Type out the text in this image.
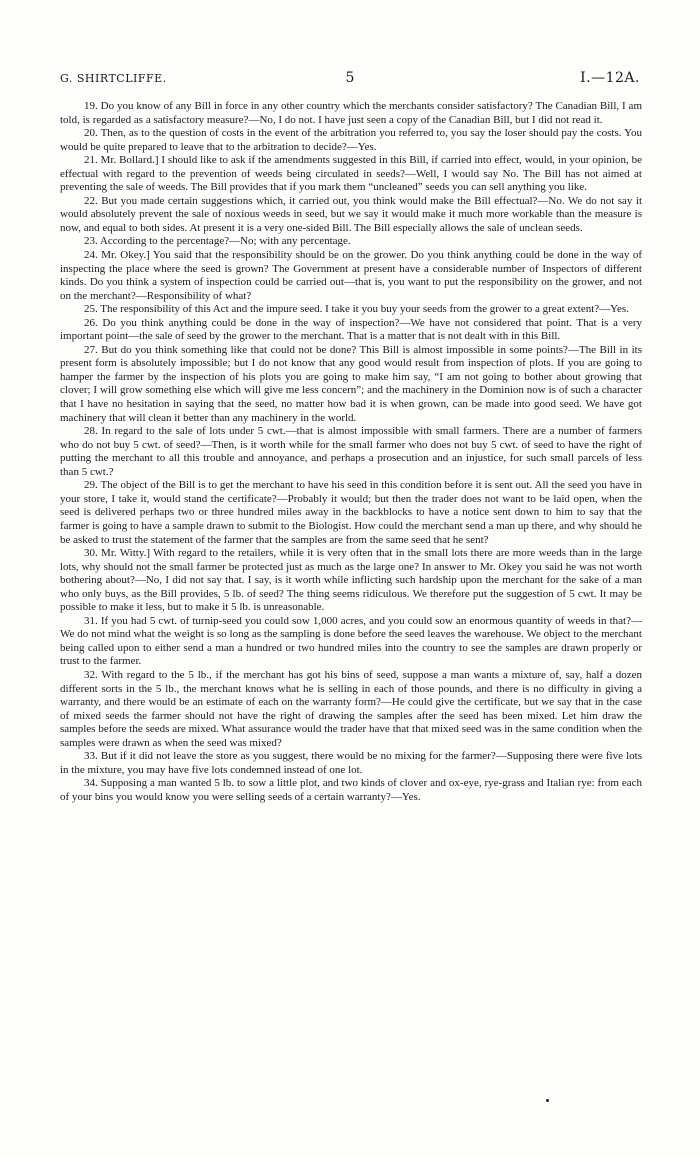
G. SHIRTCLIFFE.	5	I.—12A.

19. Do you know of any Bill in force in any other country which the merchants consider satisfactory? The Canadian Bill, I am told, is regarded as a satisfactory measure?—No, I do not. I have just seen a copy of the Canadian Bill, but I did not read it.

20. Then, as to the question of costs in the event of the arbitration you referred to, you say the loser should pay the costs. You would be quite prepared to leave that to the arbitration to decide?—Yes.

21. Mr. Bollard.] I should like to ask if the amendments suggested in this Bill, if carried into effect, would, in your opinion, be effectual with regard to the prevention of weeds being circulated in seeds?—Well, I would say No. The Bill has not aimed at preventing the sale of weeds. The Bill provides that if you mark them “uncleaned” seeds you can sell anything you like.

22. But you made certain suggestions which, it carried out, you think would make the Bill effectual?—No. We do not say it would absolutely prevent the sale of noxious weeds in seed, but we say it would make it much more workable than the measure is now, and equal to both sides. At present it is a very one-sided Bill. The Bill especially allows the sale of unclean seeds.

23. According to the percentage?—No; with any percentage.

24. Mr. Okey.] You said that the responsibility should be on the grower. Do you think anything could be done in the way of inspecting the place where the seed is grown? The Government at present have a considerable number of Inspectors of different kinds. Do you think a system of inspection could be carried out—that is, you want to put the responsibility on the grower, and not on the merchant?—Responsibility of what?

25. The responsibility of this Act and the impure seed. I take it you buy your seeds from the grower to a great extent?—Yes.

26. Do you think anything could be done in the way of inspection?—We have not considered that point. That is a very important point—the sale of seed by the grower to the merchant. That is a matter that is not dealt with in this Bill.

27. But do you think something like that could not be done? This Bill is almost impossible in some points?—The Bill in its present form is absolutely impossible; but I do not know that any good would result from inspection of plots. If you are going to hamper the farmer by the inspection of his plots you are going to make him say, “I am not going to bother about growing that clover; I will grow something else which will give me less concern”; and the machinery in the Dominion now is of such a character that I have no hesitation in saying that the seed, no matter how bad it is when grown, can be made into good seed. We have got machinery that will clean it better than any machinery in the world.

28. In regard to the sale of lots under 5 cwt.—that is almost impossible with small farmers. There are a number of farmers who do not buy 5 cwt. of seed?—Then, is it worth while for the small farmer who does not buy 5 cwt. of seed to have the right of putting the merchant to all this trouble and annoyance, and perhaps a prosecution and an injustice, for such small parcels of less than 5 cwt.?

29. The object of the Bill is to get the merchant to have his seed in this condition before it is sent out. All the seed you have in your store, I take it, would stand the certificate?—Probably it would; but then the trader does not want to be laid open, when the seed is delivered perhaps two or three hundred miles away in the backblocks to have a notice sent down to him to say that the farmer is going to have a sample drawn to submit to the Biologist. How could the merchant send a man up there, and why should he be asked to trust the statement of the farmer that the samples are from the same seed that he sent?

30. Mr. Witty.] With regard to the retailers, while it is very often that in the small lots there are more weeds than in the large lots, why should not the small farmer be protected just as much as the large one? In answer to Mr. Okey you said he was not worth bothering about?—No, I did not say that. I say, is it worth while inflicting such hardship upon the merchant for the sake of a man who only buys, as the Bill provides, 5 lb. of seed? The thing seems ridiculous. We therefore put the suggestion of 5 cwt. It may be possible to make it less, but to make it 5 lb. is unreasonable.

31. If you had 5 cwt. of turnip-seed you could sow 1,000 acres, and you could sow an enormous quantity of weeds in that?—We do not mind what the weight is so long as the sampling is done before the seed leaves the warehouse. We object to the merchant being called upon to either send a man a hundred or two hundred miles into the country to see the samples are drawn properly or trust to the farmer.

32. With regard to the 5 lb., if the merchant has got his bins of seed, suppose a man wants a mixture of, say, half a dozen different sorts in the 5 lb., the merchant knows what he is selling in each of those pounds, and there is no difficulty in giving a warranty, and there would be an estimate of each on the warranty form?—He could give the certificate, but we say that in the case of mixed seeds the farmer should not have the right of drawing the samples after the seed has been mixed. Let him draw the samples before the seeds are mixed. What assurance would the trader have that that mixed seed was in the same condition when the samples were drawn as when the seed was mixed?

33. But if it did not leave the store as you suggest, there would be no mixing for the farmer?—Supposing there were five lots in the mixture, you may have five lots condemned instead of one lot.

34. Supposing a man wanted 5 lb. to sow a little plot, and two kinds of clover and ox-eye, rye-grass and Italian rye: from each of your bins you would know you were selling seeds of a certain warranty?—Yes.
